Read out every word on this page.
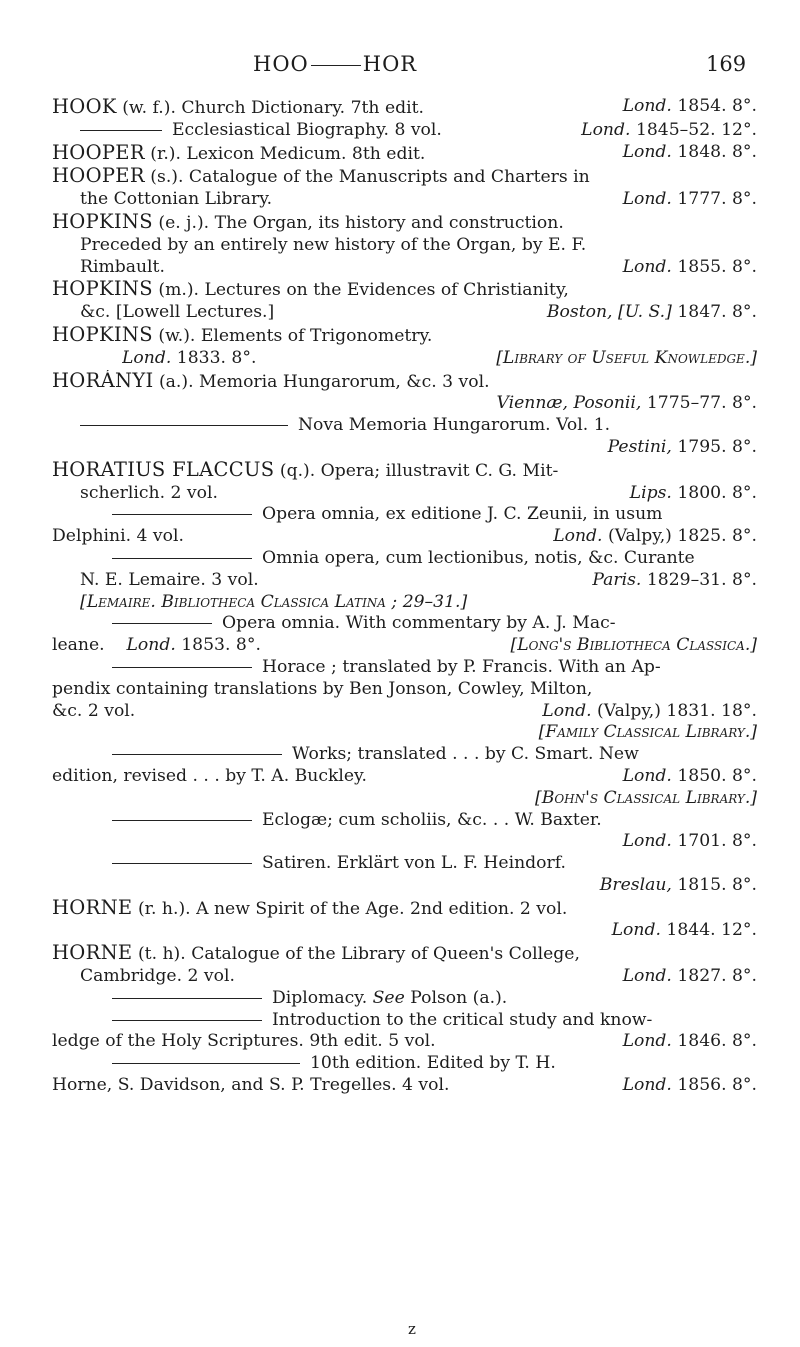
HOO	HOR	169
HOOK (w. f.). Church Dictionary. 7th edit.	Lond. 1854. 8°.
Ecclesiastical Biography. 8 vol.	Lond. 1845–52. 12°.
HOOPER (r.). Lexicon Medicum. 8th edit.	Lond. 1848. 8°.
HOOPER (s.). Catalogue of the Manuscripts and Charters in
the Cottonian Library.	Lond. 1777. 8°.
HOPKINS (e. j.). The Organ, its history and construction.
Preceded by an entirely new history of the Organ, by E. F.
Rimbault.	Lond. 1855. 8°.
HOPKINS (m.). Lectures on the Evidences of Christianity,
&c. [Lowell Lectures.]	Boston, [U. S.] 1847. 8°.
HOPKINS (w.). Elements of Trigonometry.
Lond. 1833. 8°.	[Library of Useful Knowledge.]
HORÁNYI (a.). Memoria Hungarorum, &c. 3 vol.
Viennæ, Posonii, 1775–77. 8°.
Nova Memoria Hungarorum. Vol. 1.
Pestini, 1795. 8°.
HORATIUS FLACCUS (q.). Opera; illustravit C. G. Mit-
scherlich. 2 vol.	Lips. 1800. 8°.
Opera omnia, ex editione J. C. Zeunii, in usum
Delphini. 4 vol.	Lond. (Valpy,) 1825. 8°.
Omnia opera, cum lectionibus, notis, &c. Curante
N. E. Lemaire. 3 vol.	Paris. 1829–31. 8°.
[Lemaire. Bibliotheca Classica Latina ; 29–31.]
Opera omnia. With commentary by A. J. Mac-
leane. Lond. 1853. 8°.	[Long's Bibliotheca Classica.]
Horace ; translated by P. Francis. With an Ap-
pendix containing translations by Ben Jonson, Cowley, Milton,
&c. 2 vol.	Lond. (Valpy,) 1831. 18°.
[Family Classical Library.]
Works; translated . . . by C. Smart. New
edition, revised . . . by T. A. Buckley.	Lond. 1850. 8°.
[Bohn's Classical Library.]
Eclogæ; cum scholiis, &c. . . W. Baxter.
Lond. 1701. 8°.
Satiren. Erklärt von L. F. Heindorf.
Breslau, 1815. 8°.
HORNE (r. h.). A new Spirit of the Age. 2nd edition. 2 vol.
Lond. 1844. 12°.
HORNE (t. h). Catalogue of the Library of Queen's College,
Cambridge. 2 vol.	Lond. 1827. 8°.
Diplomacy. See Polson (a.).
Introduction to the critical study and know-
ledge of the Holy Scriptures. 9th edit. 5 vol.	Lond. 1846. 8°.
10th edition. Edited by T. H.
Horne, S. Davidson, and S. P. Tregelles. 4 vol.	Lond. 1856. 8°.
z
